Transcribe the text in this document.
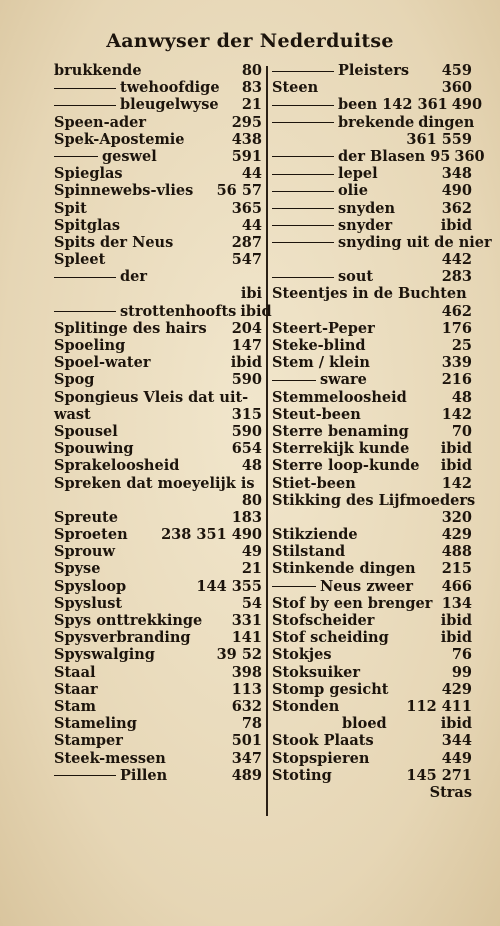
Aanwyser der Nederduitse
brukkende	80
twehoofdige 83
bleugelwyse 21
Speen-ader	295
Spek-Apostemie	438
geswel	591
Spieglas	44
Spinnewebs-vlies 56 57
Spit	365
Spitglas	44
Spits der Neus	287
Spleet	547
der
ibi
strottenhoofts ibid
Splitinge des hairs 204
Spoeling	147
Spoel-water	ibid
Spog	590
Spongieus Vleis dat uit-
wast	315
Spousel	590
Spouwing	654
Sprakeloosheid	48
Spreken dat moeyelijk is
80
Spreute	183
Sproeten 238 351 490
Sprouw	49
Spyse	21
Spysloop	144 355
Spyslust	54
Spys onttrekkinge 331
Spysverbranding	141
Spyswalging	39 52
Staal	398
Staar	113
Stam	632
Stameling	78
Stamper	501
Steek-messen	347
Pillen	489
Pleisters 459
Steen	360
been 142 361 490
brekende dingen
361 559
der Blasen 95 360
lepel	348
olie	490
snyden	362
snyder	ibid
snyding uit de nier
442
sout	283
Steentjes in de Buchten
462
Steert-Peper	176
Steke-blind	25
Stem / klein	339
sware	216
Stemmeloosheid	48
Steut-been	142
Sterre benaming	70
Sterrekijk kunde ibid
Sterre loop-kunde ibid
Stiet-been	142
Stikking des Lijfmoeders
320
Stikziende	429
Stilstand	488
Stinkende dingen 215
Neus zweer 466
Stof by een brenger 134
Stofscheider	ibid
Stof scheiding	ibid
Stokjes	76
Stoksuiker	99
Stomp gesicht	429
Stonden	112 411
bloed	ibid
Stook Plaats	344
Stopspieren	449
Stoting	145 271
Stras
